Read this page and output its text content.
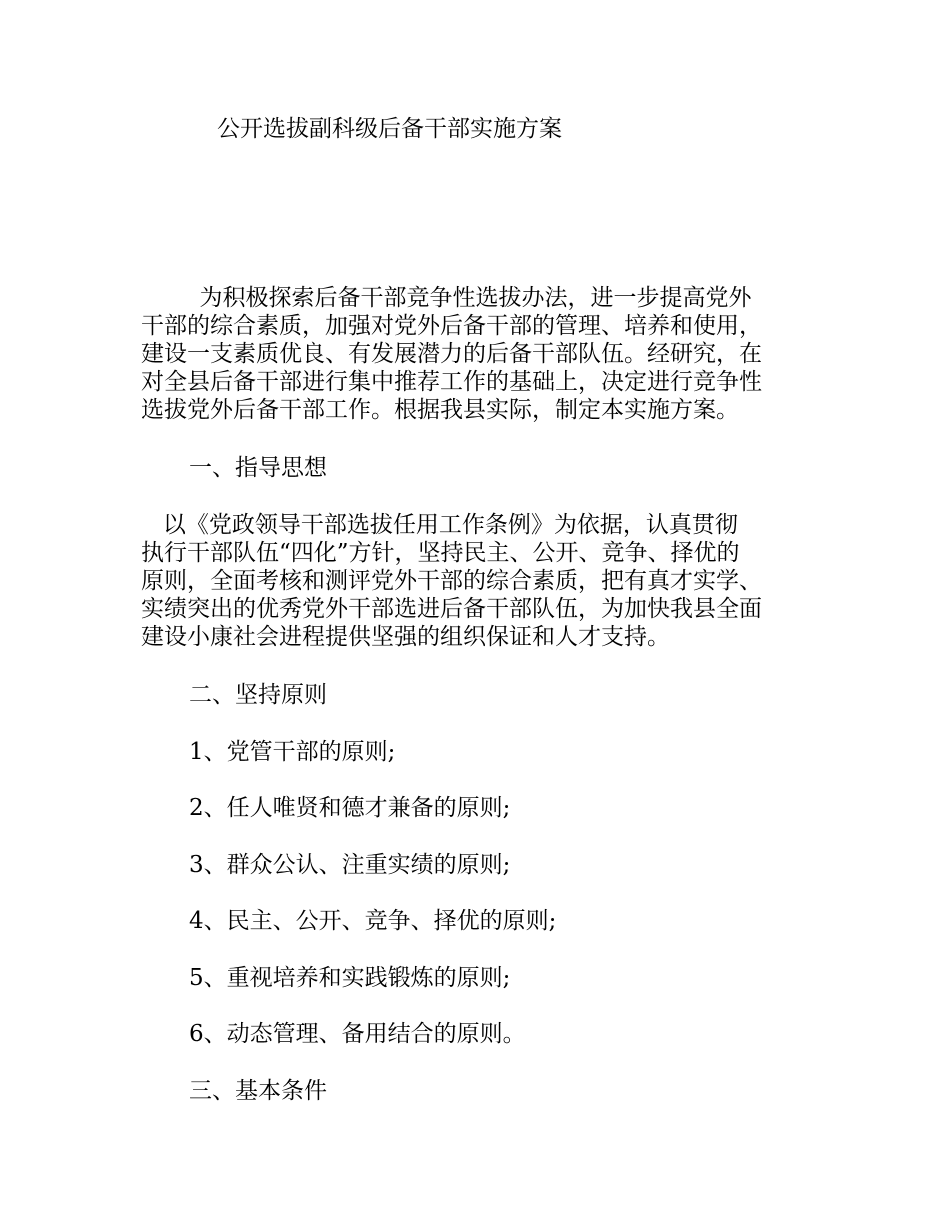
公开选拔副科级后备干部实施方案
为积极探索后备干部竞争性选拔办法，进一步提高党外
干部的综合素质，加强对党外后备干部的管理、培养和使用，
建设一支素质优良、有发展潜力的后备干部队伍。经研究，在
对全县后备干部进行集中推荐工作的基础上，决定进行竞争性
选拔党外后备干部工作。根据我县实际，制定本实施方案。
一、指导思想
以《党政领导干部选拔任用工作条例》为依据，认真贯彻
执行干部队伍“四化”方针，坚持民主、公开、竞争、择优的
原则，全面考核和测评党外干部的综合素质，把有真才实学、
实绩突出的优秀党外干部选进后备干部队伍，为加快我县全面
建设小康社会进程提供坚强的组织保证和人才支持。
二、坚持原则
1、党管干部的原则;
2、任人唯贤和德才兼备的原则;
3、群众公认、注重实绩的原则;
4、民主、公开、竞争、择优的原则;
5、重视培养和实践锻炼的原则;
6、动态管理、备用结合的原则。
三、基本条件
